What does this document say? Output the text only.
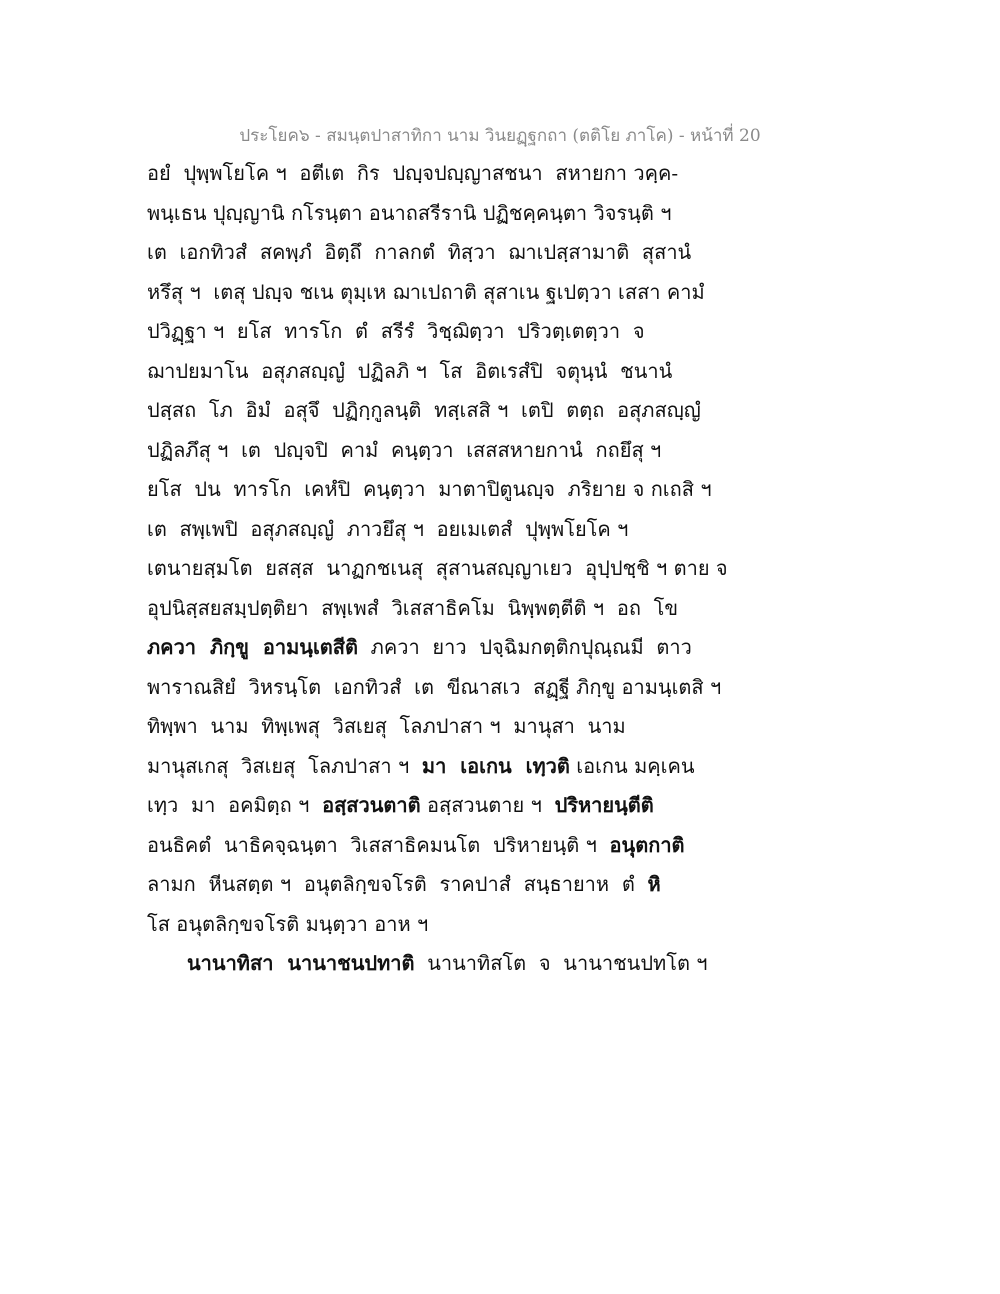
ประโยค๖ - สมนฺตปาสาทิกา นาม วินยฏฺฐกถา (ตติโย ภาโค) - หน้าที่ 20
อยํ  ปุพฺพโยโค ฯ  อตีเต  กิร  ปญฺจปญฺญาสชนา  สหายกา วคฺค-
พนฺเธน ปุญฺญานิ กโรนฺตา อนาถสรีรานิ ปฏิชคฺคนฺตา วิจรนฺติ ฯ
เต  เอกทิวสํ  สคพฺภํ  อิตฺถึ  กาลกตํ  ทิสฺวา  ฌาเปสฺสามาติ  สุสานํ
หรึสุ ฯ  เตสุ ปญฺจ ชเน ตุมฺเห ฌาเปถาติ สุสาเน ฐเปตฺวา เสสา คามํ
ปวิฏฺฐา ฯ  ยโส  ทารโก  ตํ  สรีรํ  วิชฺฌิตฺวา  ปริวตฺเตตฺวา  จ
ฌาปยมาโน  อสุภสญฺญํ  ปฏิลภิ ฯ  โส  อิตเรสํปิ  จตุนฺนํ  ชนานํ
ปสฺสถ  โภ  อิมํ  อสุจึ  ปฏิกฺกูลนฺติ  ทสฺเสสิ ฯ  เตปิ  ตตฺถ  อสุภสญฺญํ
ปฏิลภึสุ ฯ  เต  ปญฺจปิ  คามํ  คนฺตฺวา  เสสสหายกานํ  กถยึสุ ฯ
ยโส  ปน  ทารโก  เคหํปิ  คนฺตฺวา  มาตาปิตูนญฺจ  ภริยาย จ กเถสิ ฯ
เต  สพฺเพปิ  อสุภสญฺญํ  ภาวยึสุ ฯ  อยเมเตสํ  ปุพฺพโยโค ฯ
เตนายสฺมโต  ยสสฺส  นาฏกชเนสุ  สุสานสญฺญาเยว  อุปฺปชฺชิ ฯ ตาย จ
อุปนิสฺสยสมฺปตฺติยา  สพฺเพสํ  วิเสสาธิคโม  นิพฺพตฺตีติ ฯ  อถ  โข
ภควา  ภิกฺขู  อามนฺเตสีติ  ภควา  ยาว  ปจฺฉิมกตฺติกปุณฺณมี  ตาว
พาราณสิยํ  วิหรนฺโต  เอกทิวสํ  เต  ขีณาสเว  สฏฺฐี ภิกฺขู อามนฺเตสิ ฯ
ทิพฺพา  นาม  ทิพฺเพสุ  วิสเยสุ  โลภปาสา ฯ  มานุสา  นาม
มานุสเกสุ  วิสเยสุ  โลภปาสา ฯ  มา  เอเกน  เทฺวติ เอเกน มคฺเคน
เทฺว  มา  อคมิตฺถ ฯ  อสฺสวนตาติ อสฺสวนตาย ฯ  ปริหายนฺตีติ
อนธิคตํ  นาธิคจฺฉนฺตา  วิเสสาธิคมนโต  ปริหายนฺติ ฯ  อนุตกาติ
ลามก  หีนสตฺต ฯ  อนุตลิกฺขจโรติ  ราคปาสํ  สนฺธายาห  ตํ  หิ
โส อนุตลิกฺขจโรติ มนฺตฺวา อาห ฯ
นานาทิสา  นานาชนปทาติ  นานาทิสโต  จ  นานาชนปทโต ฯ
